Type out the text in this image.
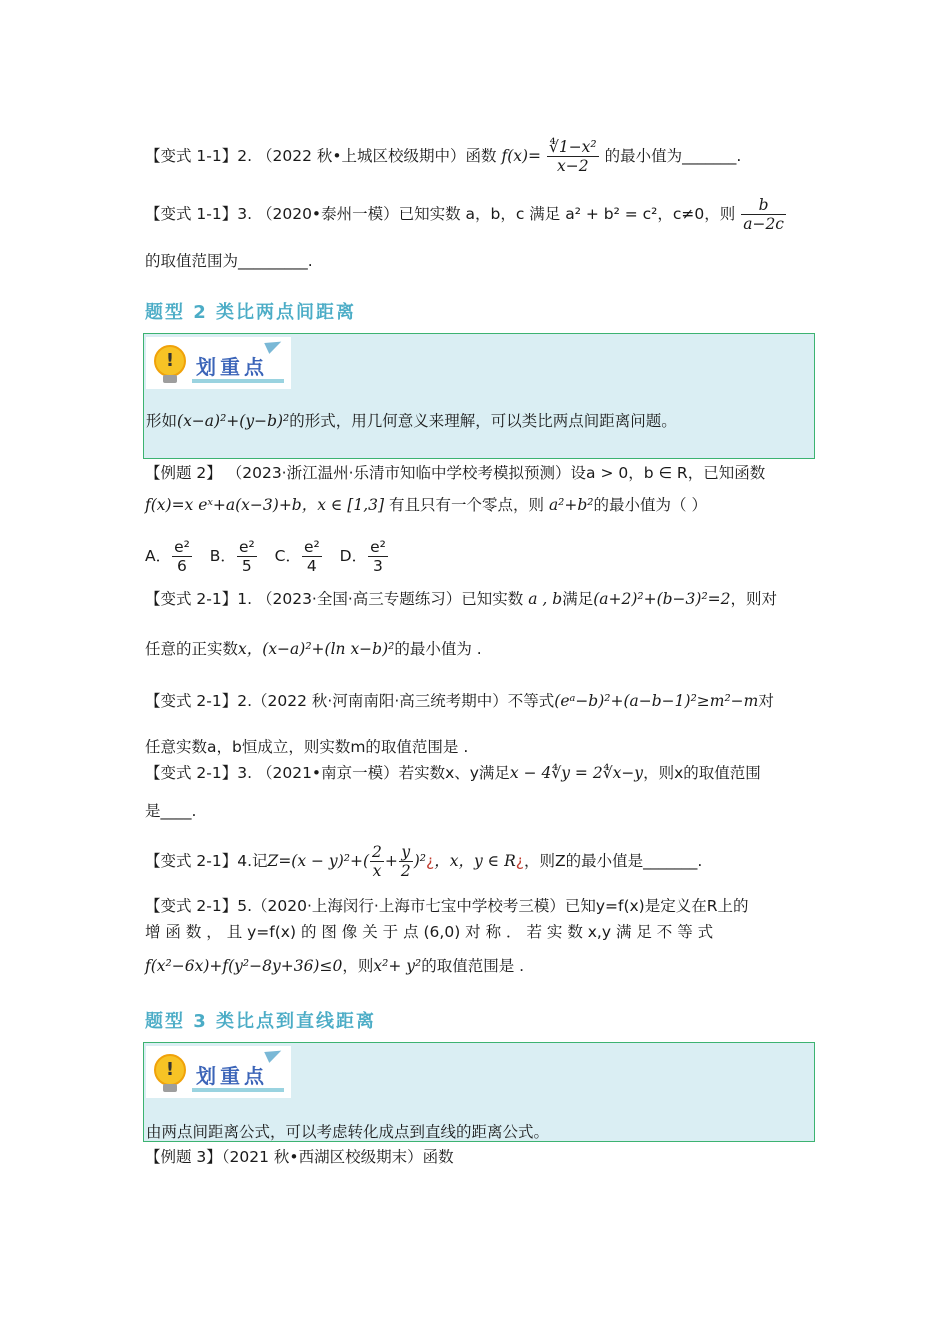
【变式 1-1】2. （2022 秋•上城区校级期中）函数 $f(x)= \frac{\text{∜1−x²}}{x-2}$ 的最小值为_______.
【变式 1-1】3. （2020•泰州一模）已知实数 a，b，c 满足 a² + b² = c²，c≠0，则 $\frac{b}{a-2c}$
的取值范围为_________.
题型 2 类比两点间距离
!	划重点
形如(x−a)²+(y−b)²的形式，用几何意义来理解，可以类比两点间距离问题。
【例题 2】 （2023·浙江温州·乐清市知临中学校考模拟预测）设a > 0，b ∈ R，已知函数
f(x)=x eˣ+a(x−3)+b，x ∈ [1,3] 有且只有一个零点，则 a²+b²的最小值为（ ）
A． $\frac{\text{e²}}{6}$ B． $\frac{\text{e²}}{5}$ C． $\frac{\text{e²}}{4}$ D． $\frac{\text{e²}}{3}$
【变式 2-1】1. （2023·全国·高三专题练习）已知实数 a , b满足(a+2)²+(b−3)²=2，则对
任意的正实数x，(x−a)²+(ln x−b)²的最小值为 .
【变式 2-1】2.（2022 秋·河南南阳·高三统考期中）不等式(eᵃ−b)²+(a−b−1)²≥m²−m对
任意实数a，b恒成立，则实数m的取值范围是 .
【变式 2-1】3. （2021•南京一模）若实数x、y满足x − 4∜y = 2∜x−y，则x的取值范围
是____.
【变式 2-1】4.记$Z=(x - y)^2+( \frac{2}{x} + \frac{y}{2}$ )²¿，x，y ∈ R¿，则Z的最小值是_______.
【变式 2-1】5.（2020·上海闵行·上海市七宝中学校考三模）已知y=f(x)是定义在R上的
增 函 数 ， 且 y=f(x) 的 图 像 关 于 点 (6,0) 对 称 ． 若 实 数 x,y 满 足 不 等 式
f(x²−6x)+f(y²−8y+36)≤0，则x²+ y²的取值范围是 .
题型 3 类比点到直线距离
!	划重点
由两点间距离公式，可以考虑转化成点到直线的距离公式。
【例题 3】（2021 秋•西湖区校级期末）函数
